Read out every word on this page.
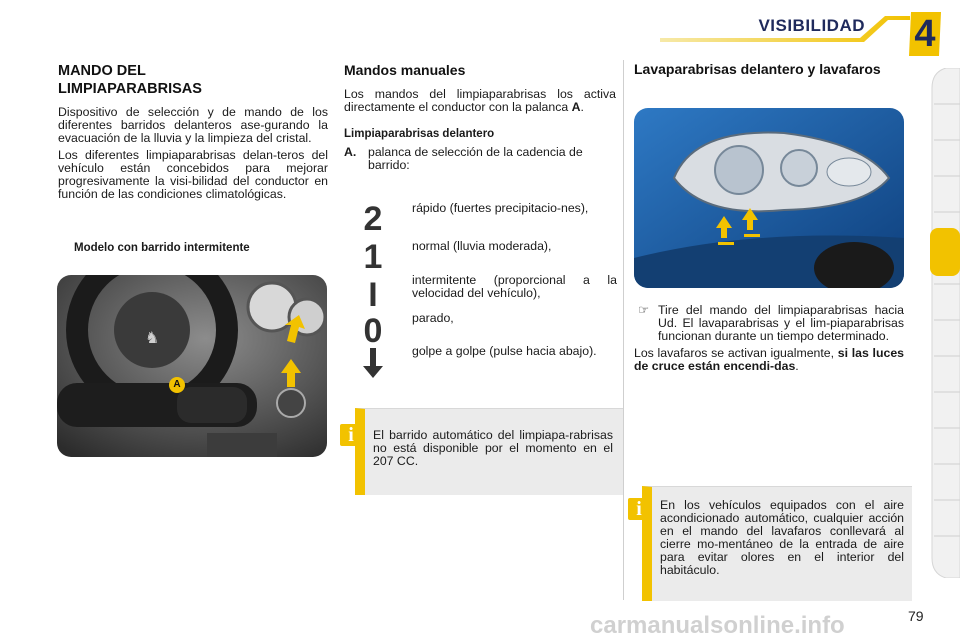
VISIBILIDAD 4
MANDO DEL
LIMPIAPARABRISAS

Dispositivo de selección y de mando de los diferentes barridos delanteros ase-gurando la evacuación de la lluvia y la limpieza del cristal.

Los diferentes limpiaparabrisas delan-teros del vehículo están concebidos para mejorar progresivamente la visi-bilidad del conductor en función de las condiciones climatológicas.

Modelo con barrido intermitente
♞
A
Mandos manuales

Los mandos del limpiaparabrisas los activa directamente el conductor con la palanca A.

Limpiaparabrisas delantero
A. palanca de selección de la cadencia de barrido:
2 rápido (fuertes precipitacio-nes),
1 normal (lluvia moderada),
I	intermitente (proporcional a la velocidad del vehículo),
0 parado,
golpe a golpe (pulse hacia abajo).

El barrido automático del limpiapa-rabrisas no está disponible por el momento en el 207 CC.

i
Lavaparabrisas delantero y lavafaros
☞ Tire del mando del limpiaparabrisas hacia Ud. El lavaparabrisas y el lim-piaparabrisas funcionan durante un tiempo determinado.

Los lavafaros se activan igualmente, si las luces de cruce están encendi-das.

En los vehículos equipados con el aire acondicionado automático, cualquier acción en el mando del lavafaros conllevará al cierre mo-mentáneo de la entrada de aire para evitar olores en el interior del habitáculo.

i
79
carmanualsonline.info
